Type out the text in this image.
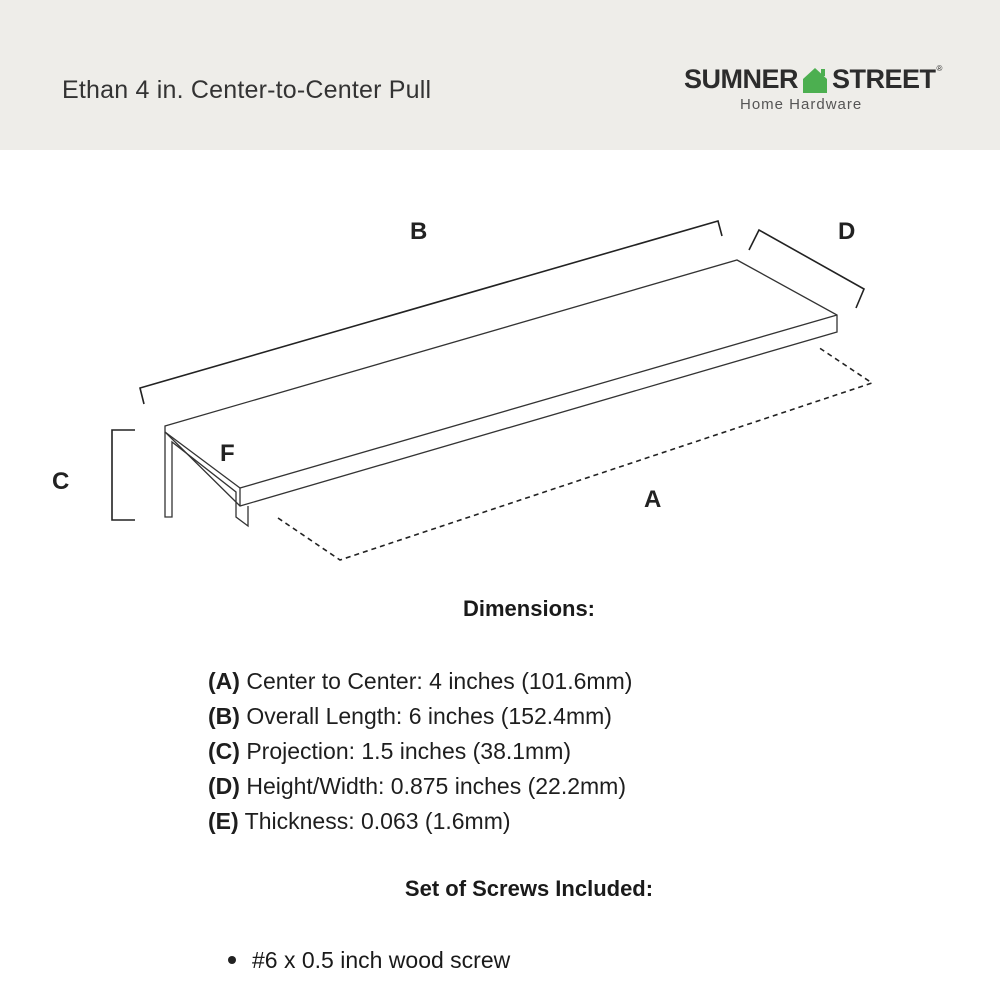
Ethan 4 in. Center-to-Center Pull	SUMNER STREET ®
Home Hardware
B	D
C
F
A
Dimensions:
(A) Center to Center: 4 inches (101.6mm)
(B) Overall Length: 6 inches (152.4mm)
(C) Projection: 1.5 inches (38.1mm)
(D) Height/Width: 0.875 inches (22.2mm)
(E) Thickness: 0.063 (1.6mm)
Set of Screws Included:
#6 x 0.5 inch wood screw
